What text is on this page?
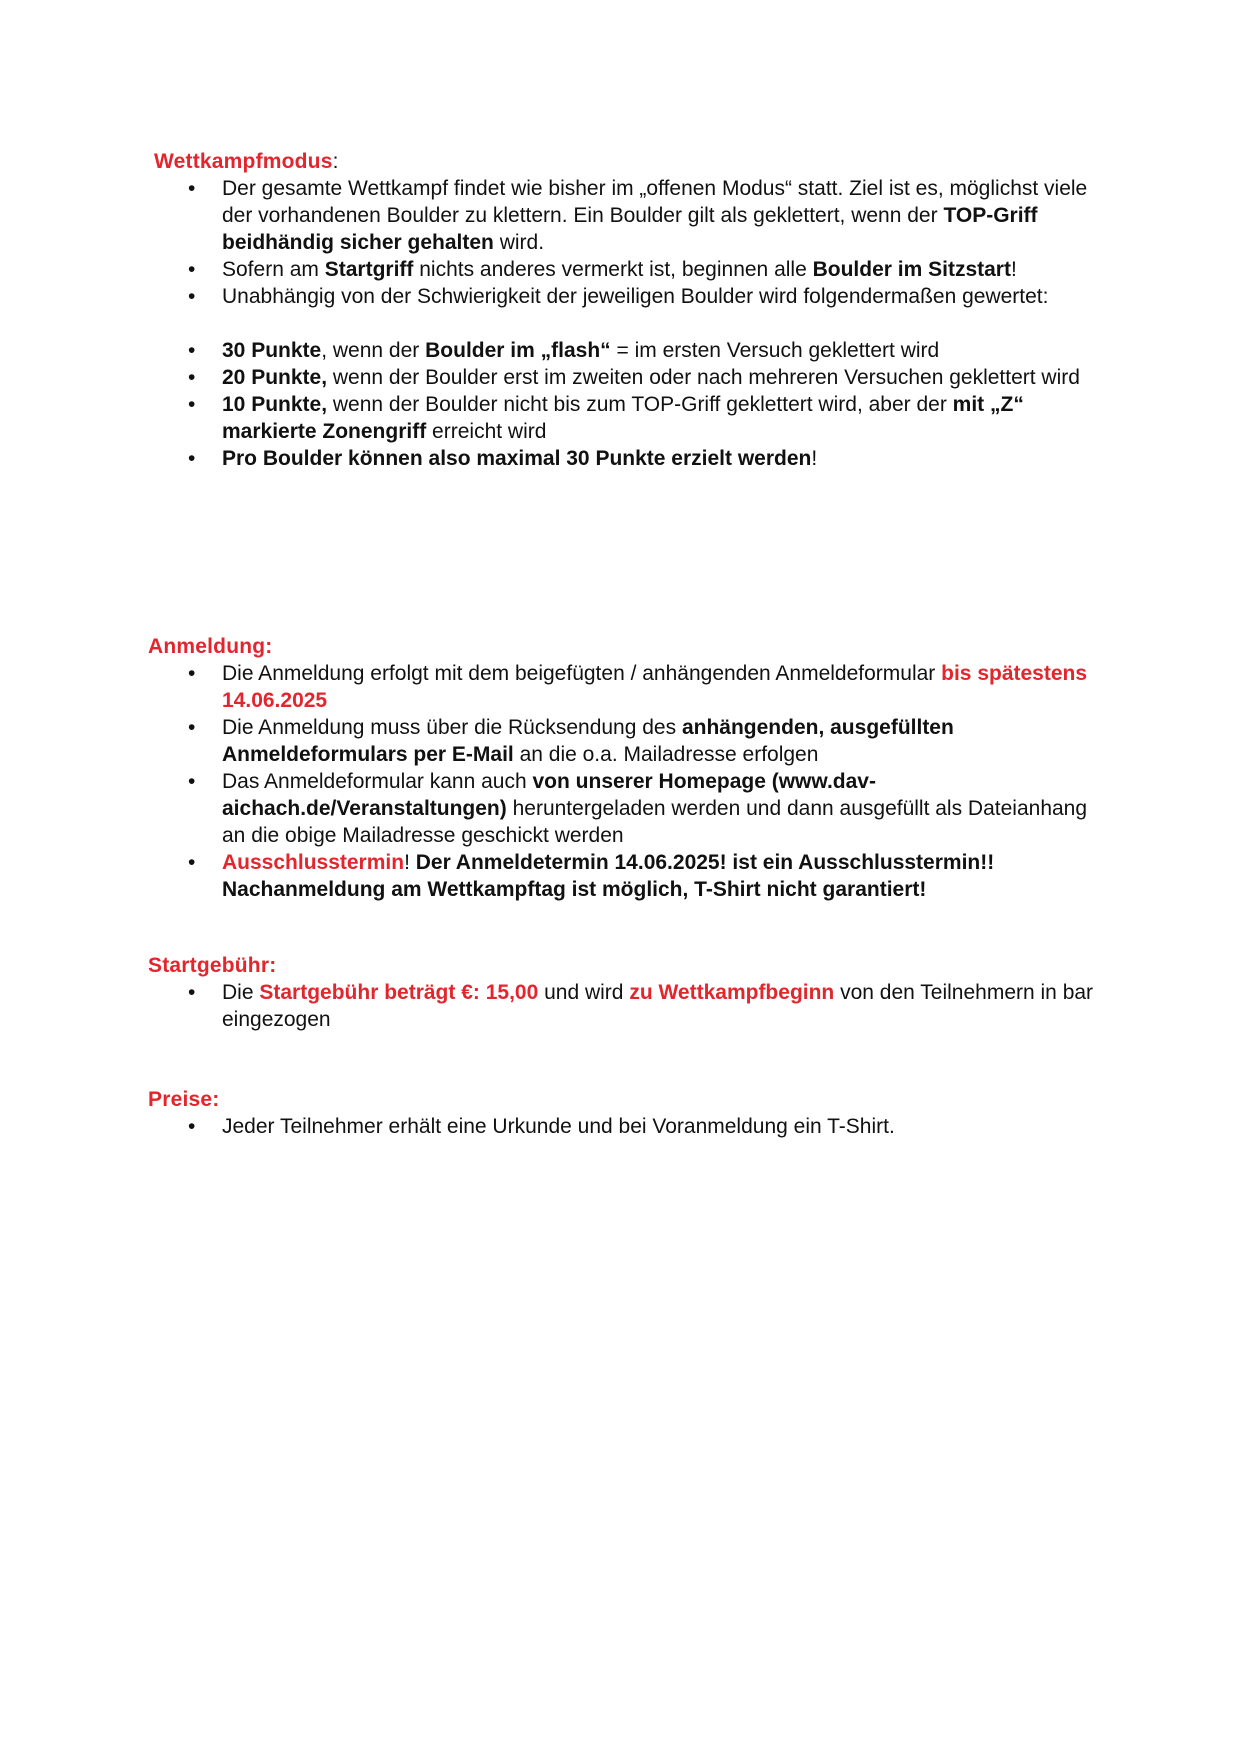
Wettkampfmodus:
• Der gesamte Wettkampf findet wie bisher im „offenen Modus“ statt. Ziel ist es, möglichst viele der vorhandenen Boulder zu klettern. Ein Boulder gilt als geklettert, wenn der TOP-Griff beidhändig sicher gehalten wird.
• Sofern am Startgriff nichts anderes vermerkt ist, beginnen alle Boulder im Sitzstart!
• Unabhängig von der Schwierigkeit der jeweiligen Boulder wird folgendermaßen gewertet:
• 30 Punkte, wenn der Boulder im „flash“ = im ersten Versuch geklettert wird
• 20 Punkte, wenn der Boulder erst im zweiten oder nach mehreren Versuchen geklettert wird
• 10 Punkte, wenn der Boulder nicht bis zum TOP-Griff geklettert wird, aber der mit „Z“ markierte Zonengriff erreicht wird
• Pro Boulder können also maximal 30 Punkte erzielt werden!
Anmeldung:
• Die Anmeldung erfolgt mit dem beigefügten / anhängenden Anmeldeformular bis spätestens 14.06.2025
• Die Anmeldung muss über die Rücksendung des anhängenden, ausgefüllten Anmeldeformulars per E-Mail an die o.a. Mailadresse erfolgen
• Das Anmeldeformular kann auch von unserer Homepage (www.dav-aichach.de/Veranstaltungen) heruntergeladen werden und dann ausgefüllt als Dateianhang an die obige Mailadresse geschickt werden
• Ausschlusstermin! Der Anmeldetermin 14.06.2025! ist ein Ausschlusstermin!! Nachanmeldung am Wettkampftag ist möglich, T-Shirt nicht garantiert!
Startgebühr:
• Die Startgebühr beträgt €: 15,00 und wird zu Wettkampfbeginn von den Teilnehmern in bar eingezogen
Preise:
• Jeder Teilnehmer erhält eine Urkunde und bei Voranmeldung ein T-Shirt.
